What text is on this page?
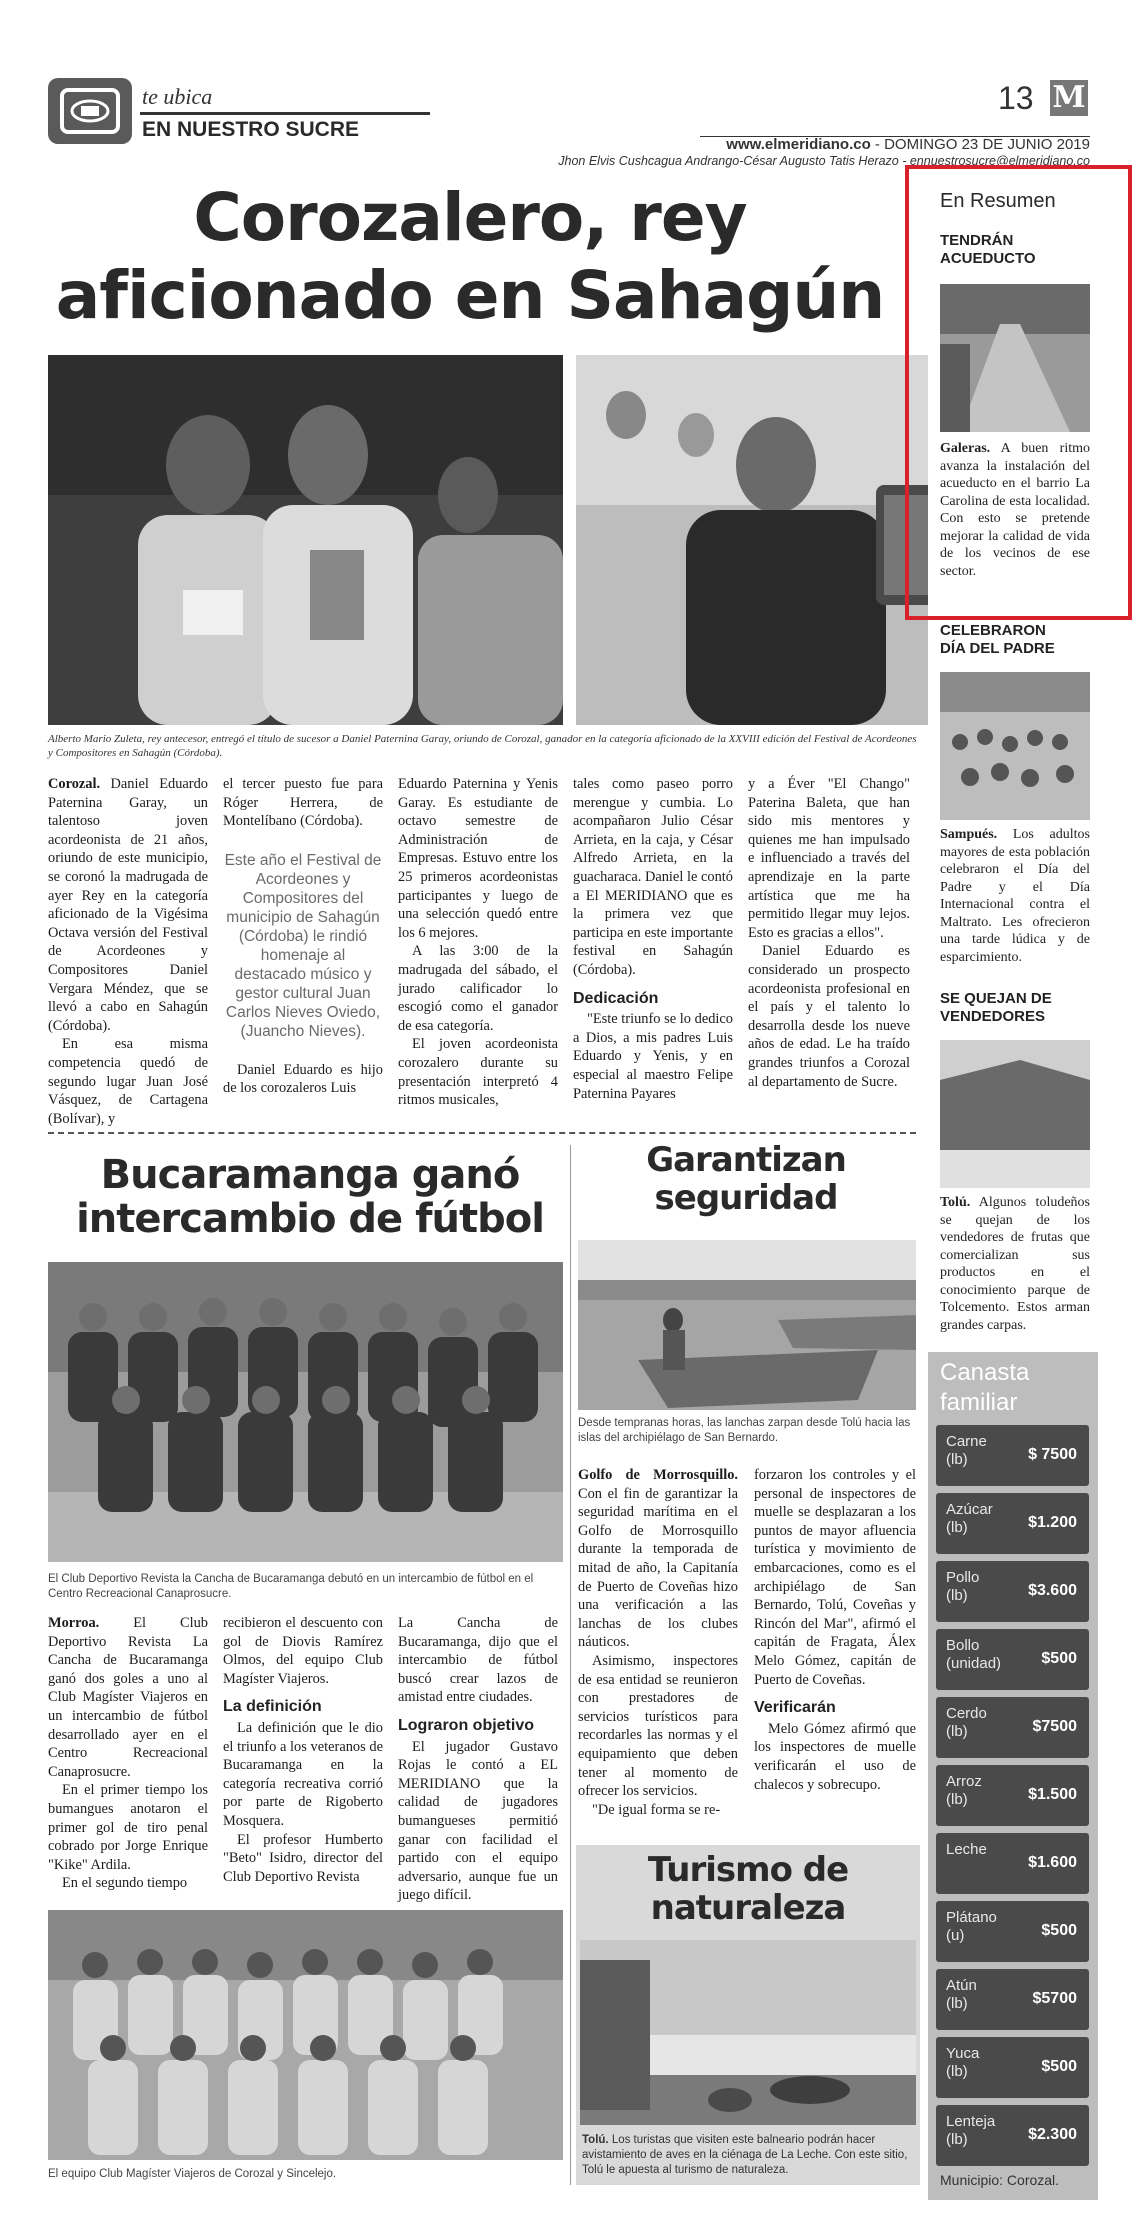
te ubica
EN NUESTRO SUCRE
13 M
www.elmeridiano.co - DOMINGO 23 DE JUNIO 2019
Jhon Elvis Cushcagua Andrango-César Augusto Tatis Herazo - ennuestrosucre@elmeridiano.co
Corozalero, rey
aficionado en Sahagún
Alberto Mario Zuleta, rey antecesor, entregó el título de sucesor a Daniel Paternina Garay, oriundo de Corozal, ganador en la categoría aficionado de la XXVIII edición del Festival de Acordeones y Compositores en Sahagún (Córdoba).

Corozal. Daniel Eduardo Paternina Garay, un talentoso joven acordeonista de 21 años, oriundo de este municipio, se coronó la madrugada de ayer Rey en la categoría aficionado de la Vigésima Octava versión del Festival de Acordeones y Compositores Daniel Vergara Méndez, que se llevó a cabo en Sahagún (Córdoba).

En esa misma competencia quedó de segundo lugar Juan José Vásquez, de Cartagena (Bolívar), y

el tercer puesto fue para Róger Herrera, de Montelíbano (Córdoba).

Este año el Festival de Acordeones y Compositores del municipio de Sahagún (Córdoba) le rindió homenaje al destacado músico y gestor cultural Juan Carlos Nieves Oviedo, (Juancho Nieves).

Daniel Eduardo es hijo de los corozaleros Luis

Eduardo Paternina y Yenis Garay. Es estudiante de octavo semestre de Administración de Empresas. Estuvo entre los 25 primeros acordeonistas participantes y luego de una selección quedó entre los 6 mejores.

A las 3:00 de la madrugada del sábado, el jurado calificador lo escogió como el ganador de esa categoría.

El joven acordeonista corozalero durante su presentación interpretó 4 ritmos musicales,

tales como paseo porro merengue y cumbia. Lo acompañaron Julio César Arrieta, en la caja, y César Alfredo Arrieta, en la guacharaca. Daniel le contó a El MERIDIANO que es la primera vez que participa en este importante festival en Sahagún (Córdoba).

Dedicación

"Este triunfo se lo dedico a Dios, a mis padres Luis Eduardo y Yenis, y en especial al maestro Felipe Paternina Payares

y a Éver "El Chango" Paterina Baleta, que han sido mis mentores y quienes me han impulsado e influenciado a través del aprendizaje en la parte artística que me ha permitido llegar muy lejos. Esto es gracias a ellos".

Daniel Eduardo es considerado un prospecto acordeonista profesional en el país y el talento lo desarrolla desde los nueve años de edad. Le ha traído grandes triunfos a Corozal al departamento de Sucre.

Bucaramanga ganó
intercambio de fútbol
El Club Deportivo Revista la Cancha de Bucaramanga debutó en un intercambio de fútbol en el Centro Recreacional Canaprosucre.

Morroa. El Club Deportivo Revista La Cancha de Bucaramanga ganó dos goles a uno al Club Magíster Viajeros en un intercambio de fútbol desarrollado ayer en el Centro Recreacional Canaprosucre.

En el primer tiempo los bumangues anotaron el primer gol de tiro penal cobrado por Jorge Enrique "Kike" Ardila.

En el segundo tiempo

recibieron el descuento con gol de Diovis Ramírez Olmos, del equipo Club Magíster Viajeros.

La definición

La definición que le dio el triunfo a los veteranos de Bucaramanga en la categoría recreativa corrió por parte de Rigoberto Mosquera.

El profesor Humberto "Beto" Isidro, director del Club Deportivo Revista

La Cancha de Bucaramanga, dijo que el intercambio de fútbol buscó crear lazos de amistad entre ciudades.

Lograron objetivo

El jugador Gustavo Rojas le contó a EL MERIDIANO que la calidad de jugadores bumangueses permitió ganar con facilidad el partido con el equipo adversario, aunque fue un juego difícil.

El equipo Club Magíster Viajeros de Corozal y Sincelejo.
Garantizan
seguridad
Desde tempranas horas, las lanchas zarpan desde Tolú hacia las islas del archipiélago de San Bernardo.

Golfo de Morrosquillo. Con el fin de garantizar la seguridad marítima en el Golfo de Morrosquillo durante la temporada de mitad de año, la Capitanía de Puerto de Coveñas hizo una verificación a las lanchas de los clubes náuticos.

Asimismo, inspectores de esa entidad se reunieron con prestadores de servicios turísticos para recordarles las normas y el equipamiento que deben tener al momento de ofrecer los servicios.

"De igual forma se re-

forzaron los controles y el personal de inspectores de muelle se desplazaran a los puntos de mayor afluencia turística y movimiento de embarcaciones, como es el archipiélago de San Bernardo, Tolú, Coveñas y Rincón del Mar", afirmó el capitán de Fragata, Álex Melo Gómez, capitán de Puerto de Coveñas.

Verificarán

Melo Gómez afirmó que los inspectores de muelle verificarán el uso de chalecos y sobrecupo.

Turismo de
naturaleza
Tolú. Los turistas que visiten este balneario podrán hacer avistamiento de aves en la ciénaga de La Leche. Con este sitio, Tolú le apuesta al turismo de naturaleza.
En Resumen
TENDRÁN
ACUEDUCTO
Galeras. A buen ritmo avanza la instalación del acueducto en el barrio La Carolina de esta localidad. Con esto se pretende mejorar la calidad de vida de los vecinos de ese sector.
CELEBRARON
DÍA DEL PADRE
Sampués. Los adultos mayores de esta población celebraron el Día del Padre y el Día Internacional contra el Maltrato. Les ofrecieron una tarde lúdica y de esparcimiento.
SE QUEJAN DE
VENDEDORES
Tolú. Algunos toludeños se quejan de los vendedores de frutas que comercializan sus productos en el conocimiento parque de Tolcemento. Estos arman grandes carpas.
Canasta
familiar
Carne
(lb)	$ 7500
Azúcar
(lb)	$1.200
Pollo
(lb)	$3.600
Bollo
(unidad)	$500
Cerdo
(lb)	$7500
Arroz
(lb)	$1.500
Leche
$1.600
Plátano
(u)	$500
Atún
(lb)	$5700
Yuca
(lb)	$500
Lenteja
(lb)	$2.300
Municipio: Corozal.
